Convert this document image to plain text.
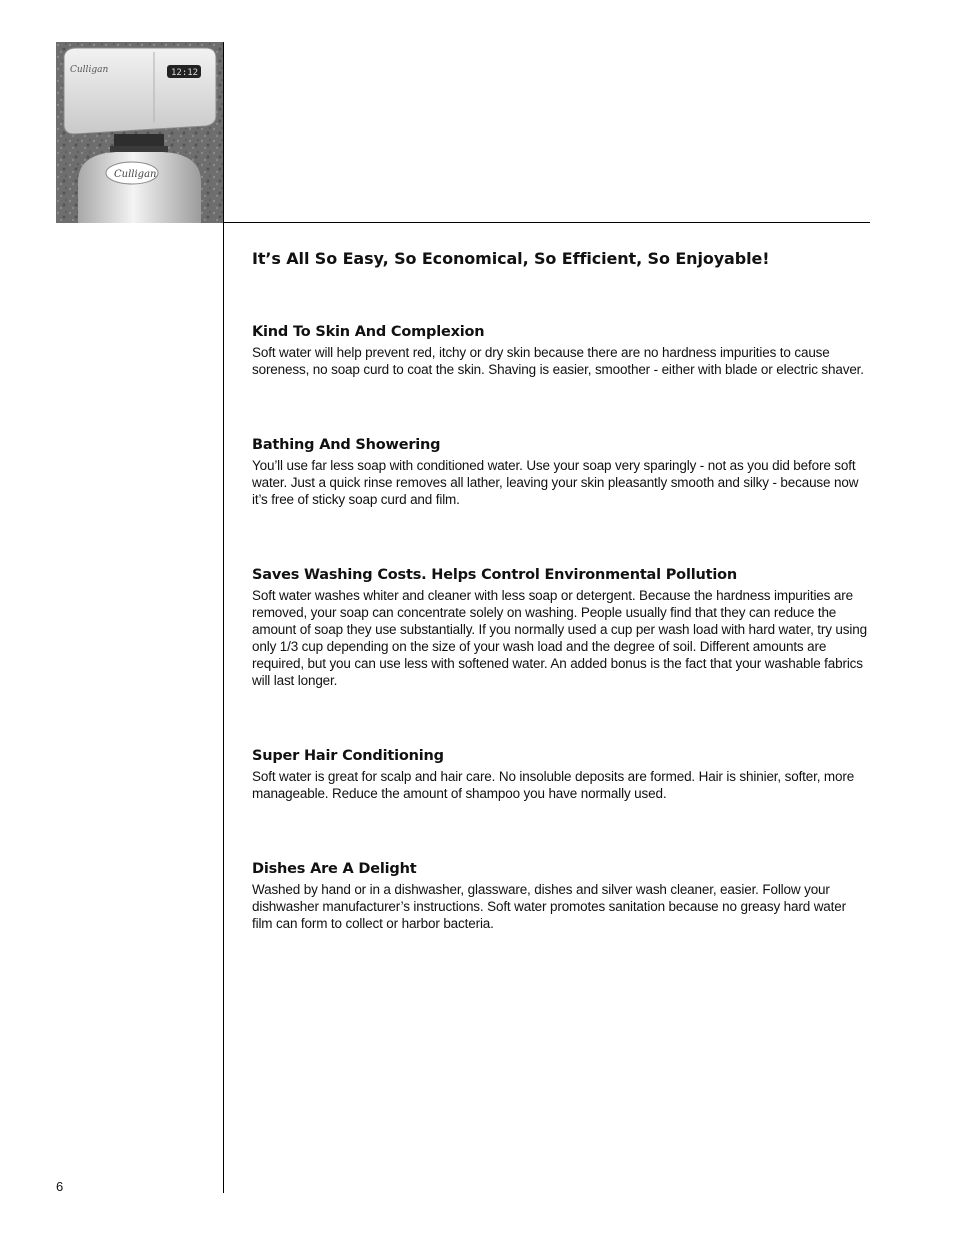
Culligan	12:12
Culligan
It’s All So Easy, So Economical, So Efficient, So Enjoyable!
Kind To Skin And Complexion

Soft water will help prevent red, itchy or dry skin because there are no hardness impurities to cause soreness, no soap curd to coat the skin. Shaving is easier, smoother - either with blade or electric shaver.

Bathing And Showering

You’ll use far less soap with conditioned water. Use your soap very sparingly - not as you did before soft water. Just a quick rinse removes all lather, leaving your skin pleasantly smooth and silky - because now it’s free of sticky soap curd and film.

Saves Washing Costs. Helps Control Environmental Pollution

Soft water washes whiter and cleaner with less soap or detergent. Because the hardness impurities are removed, your soap can concentrate solely on washing. People usually find that they can reduce the amount of soap they use substantially. If you normally used a cup per wash load with hard water, try using only 1/3 cup depending on the size of your wash load and the degree of soil. Different amounts are required, but you can use less with softened water. An added bonus is the fact that your washable fabrics will last longer.

Super Hair Conditioning

Soft water is great for scalp and hair care. No insoluble deposits are formed. Hair is shinier, softer, more manageable. Reduce the amount of shampoo you have normally used.

Dishes Are A Delight

Washed by hand or in a dishwasher, glassware, dishes and silver wash cleaner, easier. Follow your dishwasher manufacturer’s instructions. Soft water promotes sanitation because no greasy hard water film can form to collect or harbor bacteria.

6
